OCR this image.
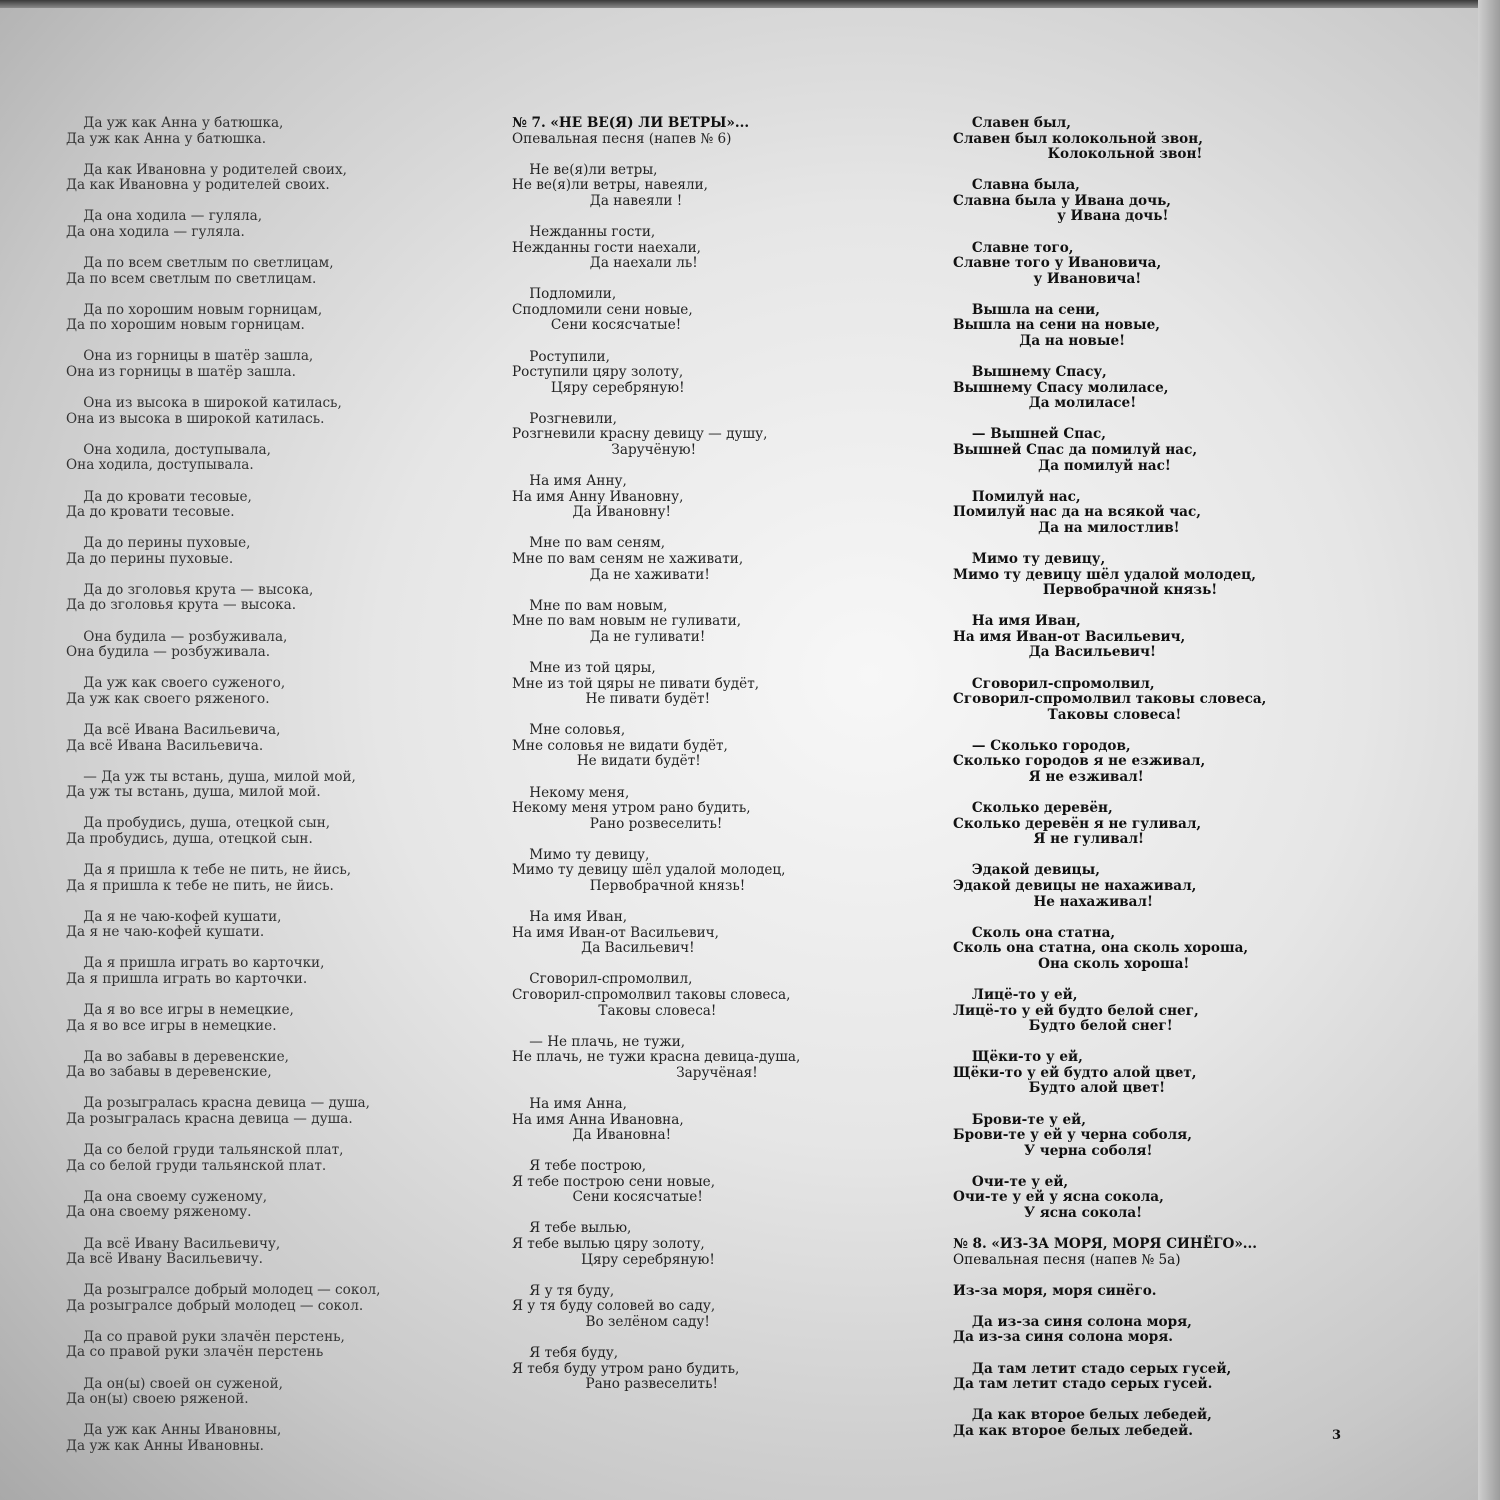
Да уж как Анна у батюшка,
Да уж как Анна у батюшка.
Да как Ивановна у родителей своих,
Да как Ивановна у родителей своих.
Да она ходила — гуляла,
Да она ходила — гуляла.
Да по всем светлым по светлицам,
Да по всем светлым по светлицам.
Да по хорошим новым горницам,
Да по хорошим новым горницам.
Она из горницы в шатёр зашла,
Она из горницы в шатёр зашла.
Она из высока в широкой катилась,
Она из высока в широкой катилась.
Она ходила, доступывала,
Она ходила, доступывала.
Да до кровати тесовые,
Да до кровати тесовые.
Да до перины пуховые,
Да до перины пуховые.
Да до зголовья крута — высока,
Да до зголовья крута — высока.
Она будила — розбуживала,
Она будила — розбуживала.
Да уж как своего суженого,
Да уж как своего ряженого.
Да всё Ивана Васильевича,
Да всё Ивана Васильевича.
— Да уж ты встань, душа, милой мой,
Да уж ты встань, душа, милой мой.
Да пробудись, душа, отецкой сын,
Да пробудись, душа, отецкой сын.
Да я пришла к тебе не пить, не йись,
Да я пришла к тебе не пить, не йись.
Да я не чаю-кофей кушати,
Да я не чаю-кофей кушати.
Да я пришла играть во карточки,
Да я пришла играть во карточки.
Да я во все игры в немецкие,
Да я во все игры в немецкие.
Да во забавы в деревенские,
Да во забавы в деревенские,
Да розыгралась красна девица — душа,
Да розыгралась красна девица — душа.
Да со белой груди тальянской плат,
Да со белой груди тальянской плат.
Да она своему суженому,
Да она своему ряженому.
Да всё Ивану Васильевичу,
Да всё Ивану Васильевичу.
Да розыгралсе добрый молодец — сокол,
Да розыгралсе добрый молодец — сокол.
Да со правой руки злачён перстень,
Да со правой руки злачён перстень
Да он(ы) своей он суженой,
Да он(ы) своею ряженой.
Да уж как Анны Ивановны,
Да уж как Анны Ивановны.
№ 7. «НЕ ВЕ(Я) ЛИ ВЕТРЫ»...
Опевальная песня (напев № 6)
Не ве(я)ли ветры,
Не ве(я)ли ветры, навеяли,
Да навеяли !
Нежданны гости,
Нежданны гости наехали,
Да наехали ль!
Подломили,
Сподломили сени новые,
Сени косясчатые!
Роступили,
Роступили цяру золоту,
Цяру серебряную!
Розгневили,
Розгневили красну девицу — душу,
Заручёную!
На имя Анну,
На имя Анну Ивановну,
Да Ивановну!
Мне по вам сеням,
Мне по вам сеням не хаживати,
Да не хаживати!
Мне по вам новым,
Мне по вам новым не гуливати,
Да не гуливати!
Мне из той цяры,
Мне из той цяры не пивати будёт,
Не пивати будёт!
Мне соловья,
Мне соловья не видати будёт,
Не видати будёт!
Некому меня,
Некому меня утром рано будить,
Рано розвеселить!
Мимо ту девицу,
Мимо ту девицу шёл удалой молодец,
Первобрачной князь!
На имя Иван,
На имя Иван-от Васильевич,
Да Васильевич!
Сговорил-спромолвил,
Сговорил-спромолвил таковы словеса,
Таковы словеса!
— Не плачь, не тужи,
Не плачь, не тужи красна девица-душа,
Заручёная!
На имя Анна,
На имя Анна Ивановна,
Да Ивановна!
Я тебе построю,
Я тебе построю сени новые,
Сени косясчатые!
Я тебе вылью,
Я тебе вылью цяру золоту,
Цяру серебряную!
Я у тя буду,
Я у тя буду соловей во саду,
Во зелёном саду!
Я тебя буду,
Я тебя буду утром рано будить,
Рано развеселить!
Славен был,
Славен был колокольной звон,
Колокольной звон!
Славна была,
Славна была у Ивана дочь,
у Ивана дочь!
Славне того,
Славне того у Ивановича,
у Ивановича!
Вышла на сени,
Вышла на сени на новые,
Да на новые!
Вышнему Спасу,
Вышнему Спасу молиласе,
Да молиласе!
— Вышней Спас,
Вышней Спас да помилуй нас,
Да помилуй нас!
Помилуй нас,
Помилуй нас да на всякой час,
Да на милостлив!
Мимо ту девицу,
Мимо ту девицу шёл удалой молодец,
Первобрачной князь!
На имя Иван,
На имя Иван-от Васильевич,
Да Васильевич!
Сговорил-спромолвил,
Сговорил-спромолвил таковы словеса,
Таковы словеса!
— Сколько городов,
Сколько городов я не езживал,
Я не езживал!
Сколько деревён,
Сколько деревён я не гуливал,
Я не гуливал!
Эдакой девицы,
Эдакой девицы не нахаживал,
Не нахаживал!
Сколь она статна,
Сколь она статна, она сколь хороша,
Она сколь хороша!
Лицё-то у ей,
Лицё-то у ей будто белой снег,
Будто белой снег!
Щёки-то у ей,
Щёки-то у ей будто алой цвет,
Будто алой цвет!
Брови-те у ей,
Брови-те у ей у черна соболя,
У черна соболя!
Очи-те у ей,
Очи-те у ей у ясна сокола,
У ясна сокола!
№ 8. «ИЗ-ЗА МОРЯ, МОРЯ СИНЁГО»...
Опевальная песня (напев № 5а)
Из-за моря, моря синёго.
Да из-за синя солона моря,
Да из-за синя солона моря.
Да там летит стадо серых гусей,
Да там летит стадо серых гусей.
Да как второе белых лебедей,
Да как второе белых лебедей.	3
